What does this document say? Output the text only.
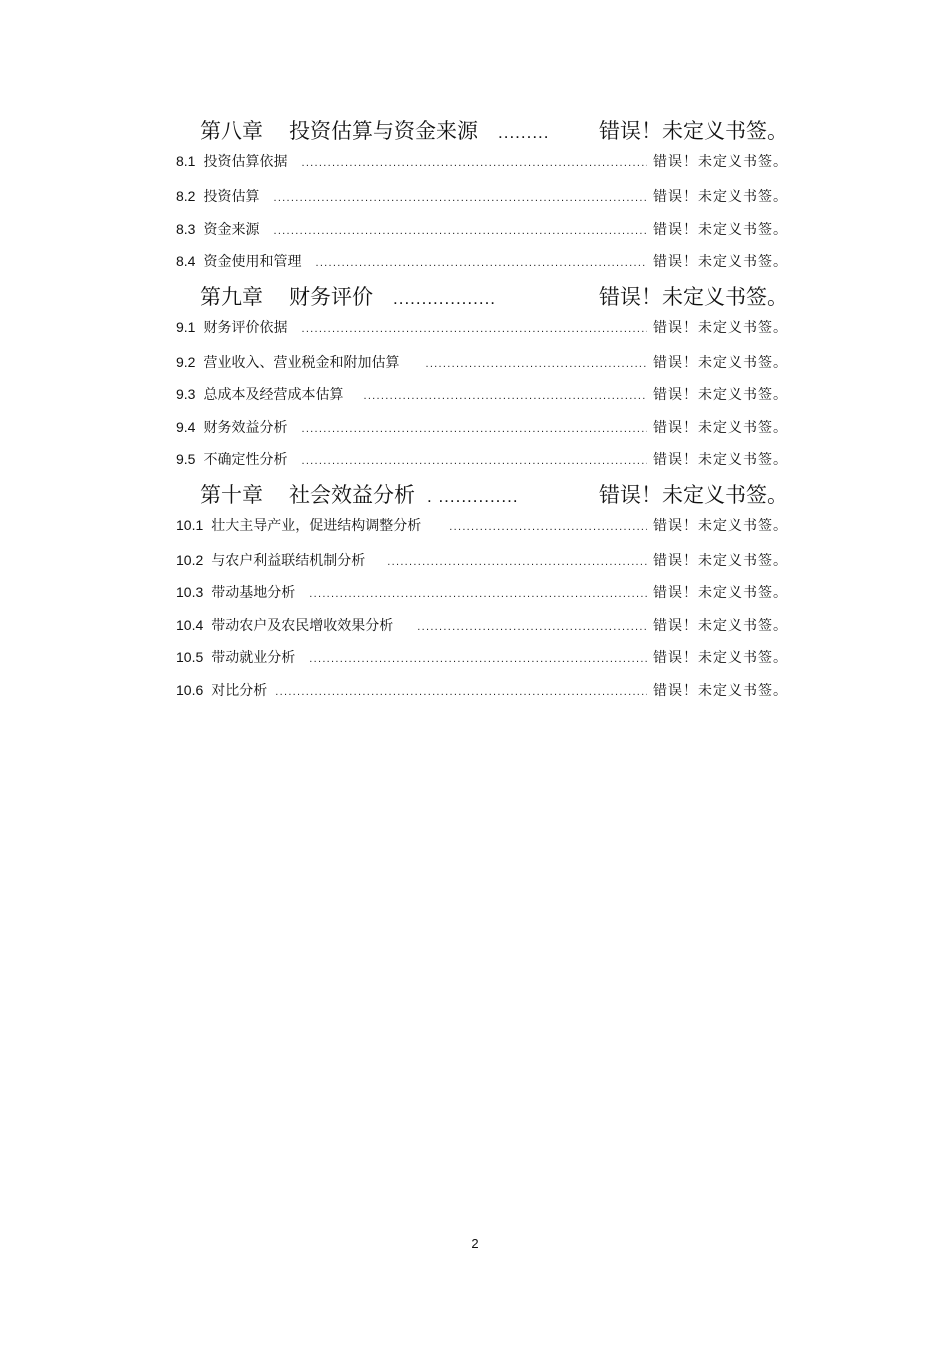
第八章 投资估算与资金来源 ......... 错误！未定义书签。
8.1 投资估算依据 .....	错误！未定义书签。
8.2 投资估算 .....	错误！未定义书签。
8.3 资金来源 .....	错误！未定义书签。
8.4 资金使用和管理 .....	错误！未定义书签。
第九章 财务评价 ..................	错误！未定义书签。
9.1 财务评价依据 .....	错误！未定义书签。
9.2 营业收入、营业税金和附加估算 .....	错误！未定义书签。
9.3 总成本及经营成本估算 .....	错误！未定义书签。
9.4 财务效益分析 .....	错误！未定义书签。
9.5 不确定性分析 .....	错误！未定义书签。
第十章 社会效益分析 . ..............	错误！未定义书签。
10.1 壮大主导产业，促进结构调整分析 .....	错误！未定义书签。
10.2 与农户利益联结机制分析 .....	错误！未定义书签。
10.3 带动基地分析 .....	错误！未定义书签。
10.4 带动农户及农民增收效果分析 .....	错误！未定义书签。
10.5 带动就业分析 .....	错误！未定义书签。
10.6 对比分析 .....	错误！未定义书签。
2
